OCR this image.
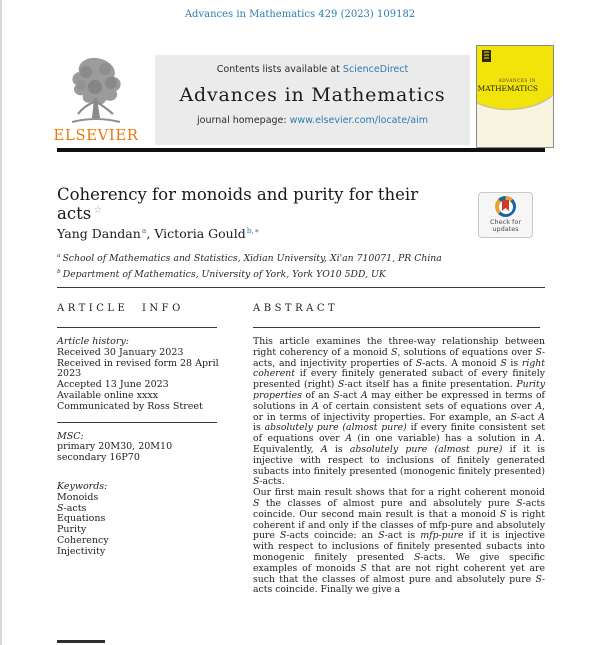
Advances in Mathematics 429 (2023) 109182
ELSEVIER
Contents lists available at ScienceDirect
Advances in Mathematics
journal homepage: www.elsevier.com/locate/aim
ADVANCES IN
MATHEMATICS
Coherency for monoids and purity for their acts ☆
Check for
updates
Yang Dandan$^a$, Victoria Gould$^{b,∗}$
$^a$ School of Mathematics and Statistics, Xidian University, Xi'an 710071, PR China
$^b$ Department of Mathematics, University of York, York YO10 5DD, UK
ARTICLE INFO
Article history:
Received 30 January 2023
Received in revised form 28 April 2023
Accepted 13 June 2023
Available online xxxx
Communicated by Ross Street
MSC:
primary 20M30, 20M10
secondary 16P70
Keywords:
Monoids
S-acts
Equations
Purity
Coherency
Injectivity
ABSTRACT

This article examines the three-way relationship between right coherency of a monoid S, solutions of equations over S-acts, and injectivity properties of S-acts. A monoid S is right coherent if every finitely generated subact of every finitely presented (right) S-act itself has a finite presentation. Purity properties of an S-act A may either be expressed in terms of solutions in A of certain consistent sets of equations over A, or in terms of injectivity properties. For example, an S-act A is absolutely pure (almost pure) if every finite consistent set of equations over A (in one variable) has a solution in A. Equivalently, A is absolutely pure (almost pure) if it is injective with respect to inclusions of finitely generated subacts into finitely presented (monogenic finitely presented) S-acts.

Our first main result shows that for a right coherent monoid S the classes of almost pure and absolutely pure S-acts coincide. Our second main result is that a monoid S is right coherent if and only if the classes of mfp-pure and absolutely pure S-acts coincide: an S-act is mfp-pure if it is injective with respect to inclusions of finitely presented subacts into monogenic finitely presented S-acts. We give specific examples of monoids S that are not right coherent yet are such that the classes of almost pure and absolutely pure S-acts coincide. Finally we give a
